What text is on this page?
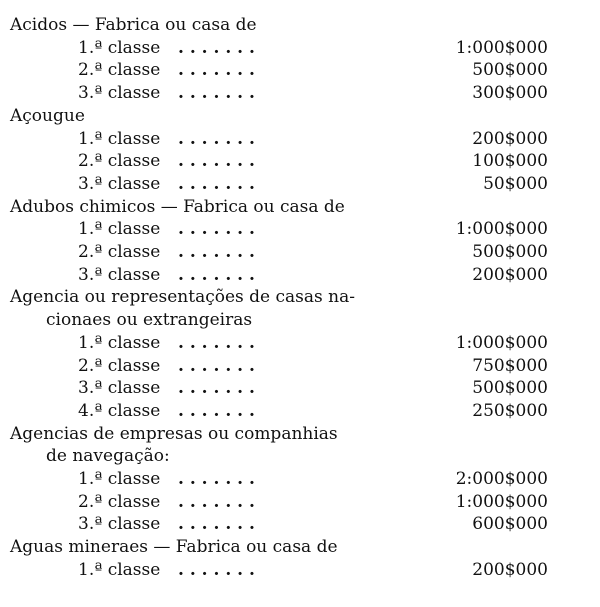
Acidos — Fabrica ou casa de
1.ª classe . . . . . . .	1:000$000
2.ª classe . . . . . . .	500$000
3.ª classe . . . . . . .	300$000
Açougue
1.ª classe . . . . . . .	200$000
2.ª classe . . . . . . .	100$000
3.ª classe . . . . . . .	50$000
Adubos chimicos — Fabrica ou casa de
1.ª classe . . . . . . .	1:000$000
2.ª classe . . . . . . .	500$000
3.ª classe . . . . . . .	200$000
Agencia ou representações de casas na-
cionaes ou extrangeiras
1.ª classe . . . . . . .	1:000$000
2.ª classe . . . . . . .	750$000
3.ª classe . . . . . . .	500$000
4.ª classe . . . . . . .	250$000
Agencias de empresas ou companhias
de navegação:
1.ª classe . . . . . . .	2:000$000
2.ª classe . . . . . . .	1:000$000
3.ª classe . . . . . . .	600$000
Aguas mineraes — Fabrica ou casa de
1.ª classe . . . . . . .	200$000
